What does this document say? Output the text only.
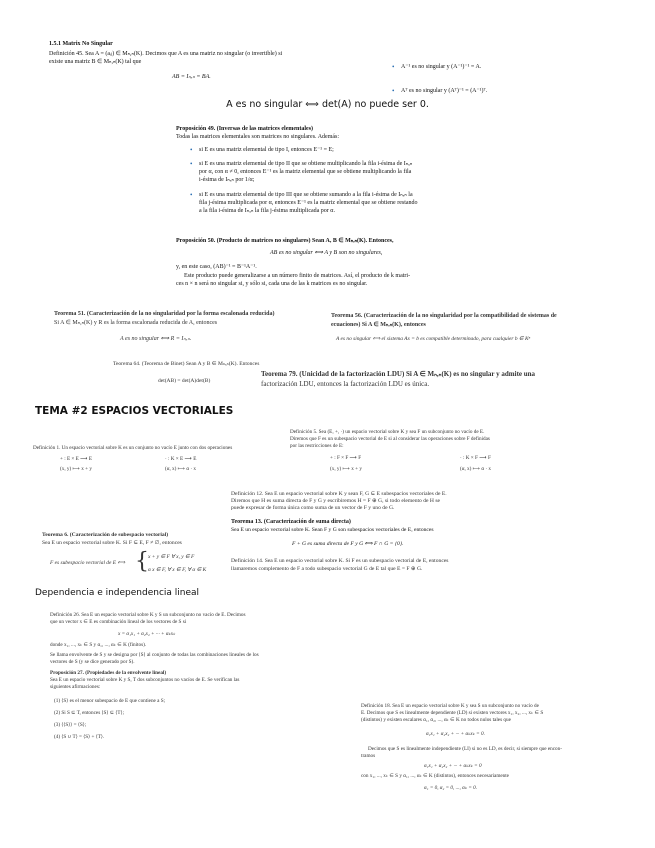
1.5.1 Matrix No Singular

Definición 45. Sea A = (aᵢⱼ) ∈ Mₙ,ₙ(K). Decimos que A es una matriz no singular (o invertible) si

existe una matriz B ∈ Mₙ,ₙ(K) tal que

AB = Iₙₓₙ = BA.

• A⁻¹ es no singular y (A⁻¹)⁻¹ = A.

• Aᵀ es no singular y (Aᵀ)⁻¹ = (A⁻¹)ᵀ.

A es no singular ⟺ det(A) no puede ser 0.

Proposición 49. (Inversas de las matrices elementales)

Todas las matrices elementales son matrices no singulares. Además:

• si E es una matriz elemental de tipo I, entonces E⁻¹ = E;

• si E es una matriz elemental de tipo II que se obtiene multiplicando la fila i-ésima de Iₙₓₙ

por α, con α ≠ 0, entonces E⁻¹ es la matriz elemental que se obtiene multiplicando la fila

i-ésima de Iₙₓₙ por 1/α;

• si E es una matriz elemental de tipo III que se obtiene sumando a la fila i-ésima de Iₙₓₙ la

fila j-ésima multiplicada por α, entonces E⁻¹ es la matriz elemental que se obtiene restando

a la fila i-ésima de Iₙₓₙ la fila j-ésima multiplicada por α.

Proposición 50. (Producto de matrices no singulares) Sean A, B ∈ Mₙ,ₙ(K). Entonces,

AB es no singular ⟺ A y B son no singulares,

y, en este caso, (AB)⁻¹ = B⁻¹A⁻¹.

Este producto puede generalizarse a un número finito de matrices. Así, el producto de k matri-

ces n × n será no singular si, y sólo si, cada una de las k matrices es no singular.

Teorema 51. (Caracterización de la no singularidad por la forma escalonada reducida)

Si A ∈ Mₙ,ₙ(K) y R es la forma escalonada reducida de A, entonces

A es no singular ⟺ R = Iₙₓₙ.

Teorema 56. (Caracterización de la no singularidad por la compatibilidad de sistemas de

ecuaciones) Si A ∈ Mₙ,ₙ(K), entonces

A es no singular ⟺ el sistema Ax = b es compatible determinado, para cualquier b ∈ Kⁿ

Teorema 64. (Teorema de Binet) Sean A y B ∈ Mₙₓₙ(K). Entonces

det(AB) = det(A)det(B)

Teorema 79. (Unicidad de la factorización LDU) Si A ∈ Mₙ,ₙ(K) es no singular y admite una

factorización LDU, entonces la factorización LDU es única.

TEMA #2 ESPACIOS VECTORIALES

Definición 5. Sea (E, +, ·) un espacio vectorial sobre K y sea F un subconjunto no vacío de E.

Diremos que F es un subespacio vectorial de E si al considerar las operaciones sobre F definidas

por las restricciones de E:

+ : F × F ⟶ F	· : K × F ⟶ F

(x, y) ⟼ x + y	(α, x) ⟼ α · x

Definición 1. Un espacio vectorial sobre K es un conjunto no vacío E junto con dos operaciones

+ : E × E ⟶ E	· : K × E ⟶ E

(x, y) ⟼ x + y	(α, x) ⟼ α · x

Definición 12. Sea E un espacio vectorial sobre K y sean F, G ⊆ E subespacios vectoriales de E.

Diremos que H es suma directa de F y G y escribiremos H = F ⊕ G, si todo elemento de H se

puede expresar de forma única como suma de un vector de F y uno de G.

Teorema 13. (Caracterización de suma directa)

Sea E un espacio vectorial sobre K. Sean F y G son subespacios vectoriales de E, entonces

F + G es suma directa de F y G ⟺ F ∩ G = {0}.

Teorema 6. (Caracterización de subespacio vectorial)

Sea E un espacio vectorial sobre K. Si F ⊆ E, F ≠ ∅, entonces

F es subespacio vectorial de E ⟺ { x + y ∈ F ∀ x, y ∈ F

α x ∈ F, ∀ x ∈ F, ∀ α ∈ K

Definición 14. Sea E un espacio vectorial sobre K. Si F es un subespacio vectorial de E, entonces

llamaremos complemento de F a todo subespacio vectorial G de E tal que E = F ⊕ G.

Dependencia e independencia lineal

Definición 26. Sea E un espacio vectorial sobre K y S un subconjunto no vacío de E. Decimos

que un vector x ∈ E es combinación lineal de los vectores de S si

x = α₁x₁ + α₂x₂ + ··· + αₖxₖ

donde x₁, ..., xₖ ∈ S y α₁, ..., αₖ ∈ K (finitos).

Se llama envolvente de S y se designa por ⟨S⟩ al conjunto de todas las combinaciones lineales de los

vectores de S (y se dice generado por S).

Proposición 27. (Propiedades de la envolvente lineal)

Sea E un espacio vectorial sobre K y S, T dos subconjuntos no vacíos de E. Se verifican las

siguientes afirmaciones:

(1) ⟨S⟩ es el menor subespacio de E que contiene a S;

(2) Si S ⊆ T, entonces ⟨S⟩ ⊆ ⟨T⟩;

(3) ⟨⟨S⟩⟩ = ⟨S⟩;

(4) ⟨S ∪ T⟩ = ⟨S⟩ + ⟨T⟩.

Definición 18. Sea E un espacio vectorial sobre K y sea S un subconjunto no vacío de

E. Decimos que S es linealmente dependiente (LD) si existen vectores x₁, x₂, ..., xₖ ∈ S

(distintos) y existen escalares α₁, α₂, ..., αₖ ∈ K no todos nulos tales que

α₁x₁ + α₂x₂ + ··· + αₖxₖ = 0.

Decimos que S es linealmente independiente (LI) si no es LD, es decir, si siempre que encon-

tramos

α₁x₁ + α₂x₂ + ··· + αₖxₖ = 0

con x₁, ..., xₖ ∈ S y α₁, ..., αₖ ∈ K (distintos), entonces necesariamente

α₁ = 0, α₂ = 0, ..., αₖ = 0.
